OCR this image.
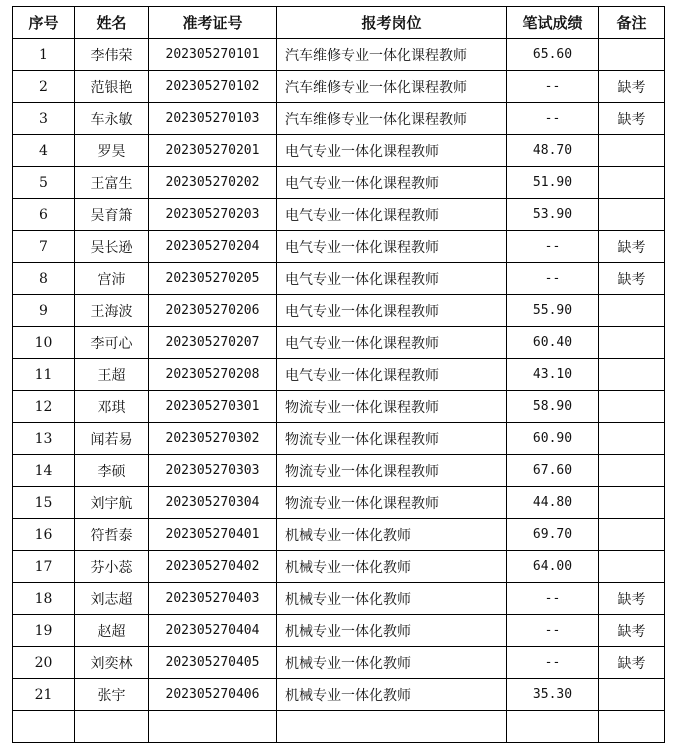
序号	姓名	准考证号	报考岗位	笔试成绩	备注
1	李伟荣	202305270101	汽车维修专业一体化课程教师	65.60	
2	范银艳	202305270102	汽车维修专业一体化课程教师	--	缺考
3	车永敏	202305270103	汽车维修专业一体化课程教师	--	缺考
4	罗昊	202305270201	电气专业一体化课程教师	48.70	
5	王富生	202305270202	电气专业一体化课程教师	51.90	
6	吴育箫	202305270203	电气专业一体化课程教师	53.90	
7	吴长逊	202305270204	电气专业一体化课程教师	--	缺考
8	宫沛	202305270205	电气专业一体化课程教师	--	缺考
9	王海波	202305270206	电气专业一体化课程教师	55.90	
10	李可心	202305270207	电气专业一体化课程教师	60.40	
11	王超	202305270208	电气专业一体化课程教师	43.10	
12	邓琪	202305270301	物流专业一体化课程教师	58.90	
13	闻若易	202305270302	物流专业一体化课程教师	60.90	
14	李硕	202305270303	物流专业一体化课程教师	67.60	
15	刘宇航	202305270304	物流专业一体化课程教师	44.80	
16	符哲泰	202305270401	机械专业一体化教师	69.70	
17	芬小蕊	202305270402	机械专业一体化教师	64.00	
18	刘志超	202305270403	机械专业一体化教师	--	缺考
19	赵超	202305270404	机械专业一体化教师	--	缺考
20	刘奕林	202305270405	机械专业一体化教师	--	缺考
21	张宇	202305270406	机械专业一体化教师	35.30	
